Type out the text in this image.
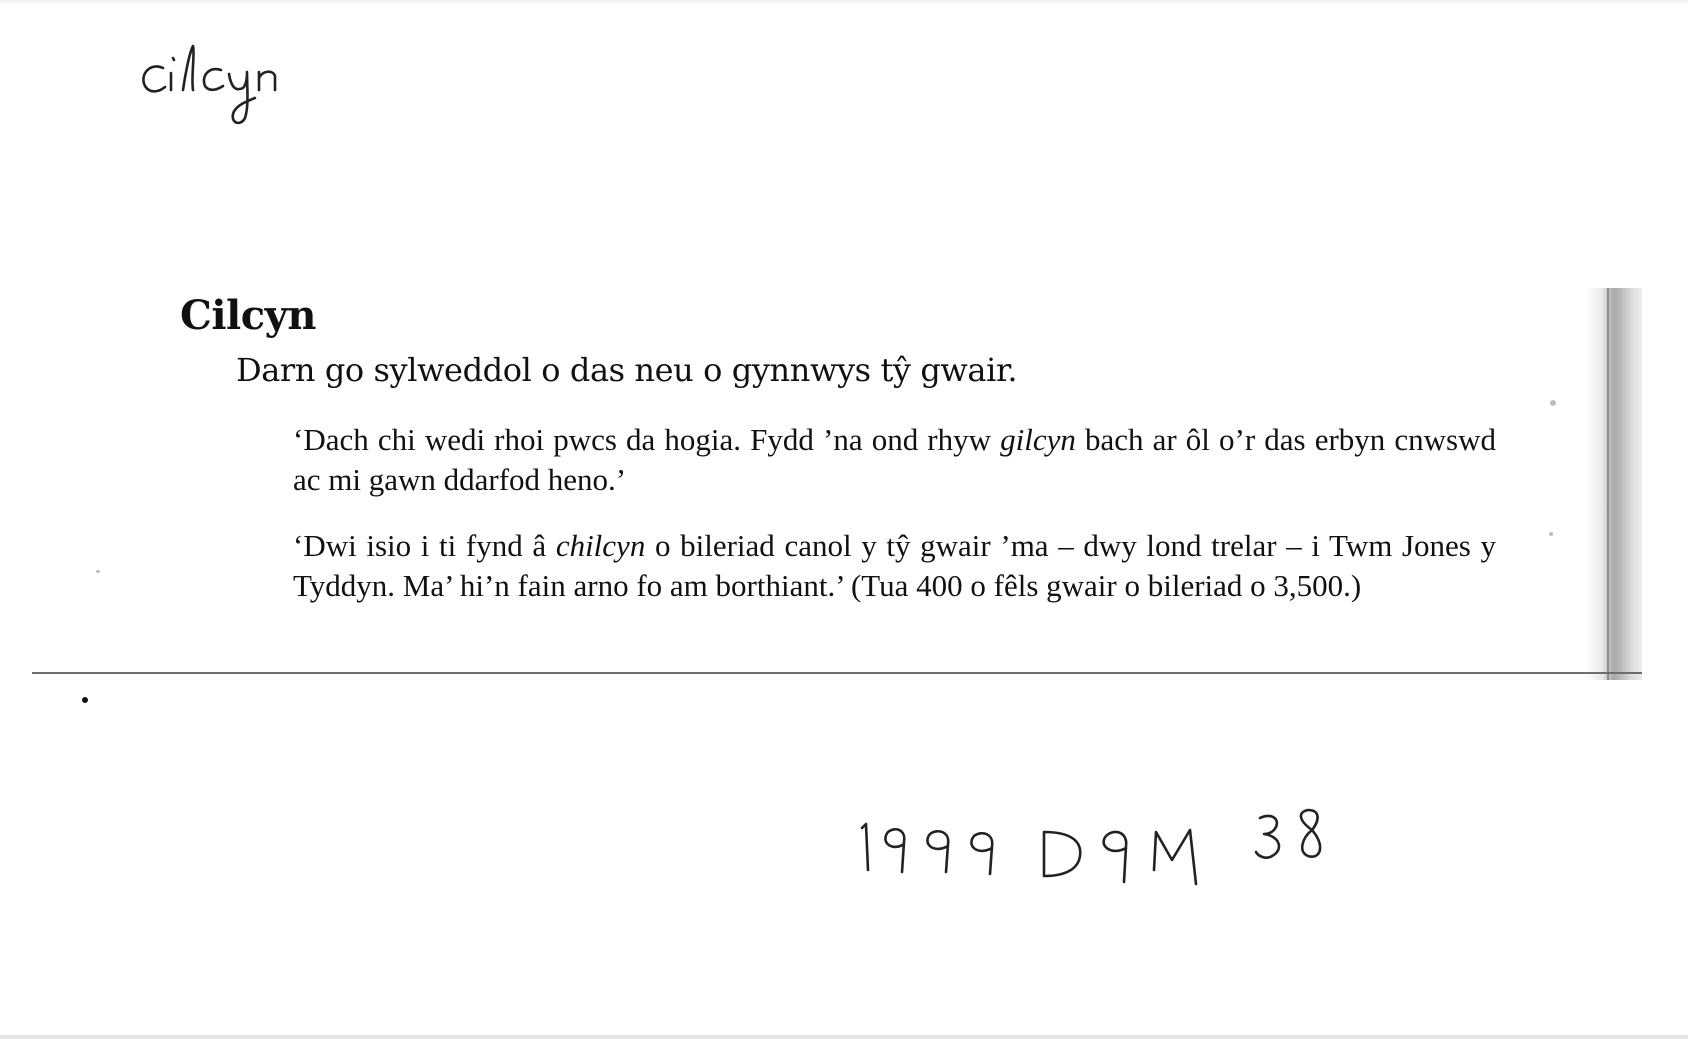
Cilcyn
Darn go sylweddol o das neu o gynnwys tŷ gwair.

‘Dach chi wedi rhoi pwcs da hogia. Fydd ’na ond rhyw gilcyn bach ar ôl o’r das erbyn cnwswd ac mi gawn ddarfod heno.’

‘Dwi isio i ti fynd â chilcyn o bileriad canol y tŷ gwair ’ma – dwy lond trelar – i Twm Jones y Tyddyn. Ma’ hi’n fain arno fo am borthiant.’ (Tua 400 o fêls gwair o bileriad o 3,500.)
